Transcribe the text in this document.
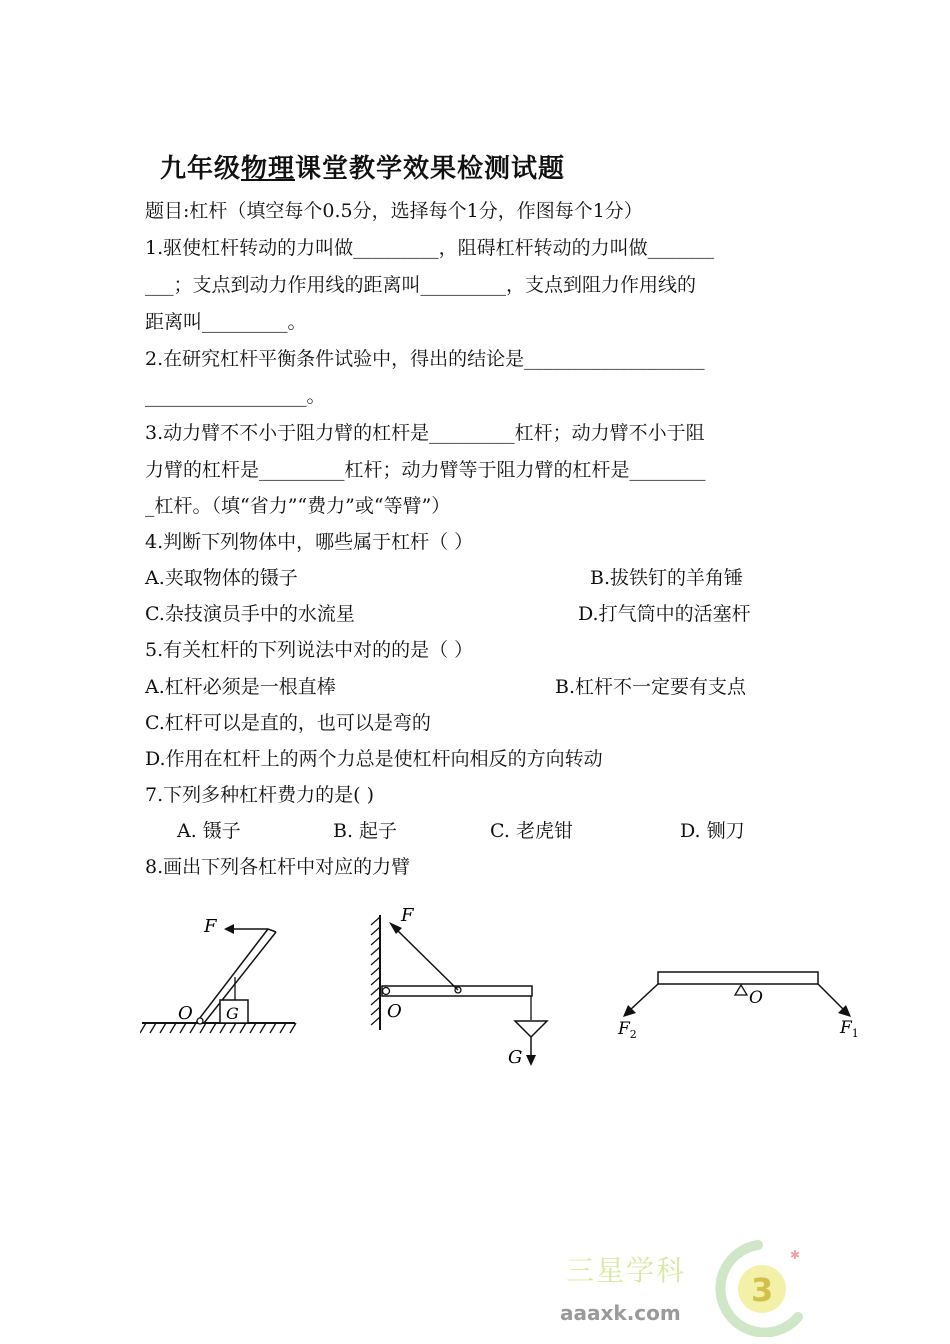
九年级物理课堂教学效果检测试题
题目:杠杆（填空每个0.5分，选择每个1分，作图每个1分）
1.驱使杠杆转动的力叫做_________，阻碍杠杆转动的力叫做_______
___；支点到动力作用线的距离叫_________，支点到阻力作用线的
距离叫_________。
2.在研究杠杆平衡条件试验中，得出的结论是___________________
_________________。
3.动力臂不不小于阻力臂的杠杆是_________杠杆；动力臂不小于阻
力臂的杠杆是_________杠杆；动力臂等于阻力臂的杠杆是________
_杠杆。（填“省力”“费力”或“等臂”）
4.判断下列物体中，哪些属于杠杆（ ）
A.夹取物体的镊子	B.拔铁钉的羊角锤
C.杂技演员手中的水流星	D.打气筒中的活塞杆
5.有关杠杆的下列说法中对的的是（ ）
A.杠杆必须是一根直棒	B.杠杆不一定要有支点
C.杠杆可以是直的，也可以是弯的
D.作用在杠杆上的两个力总是使杠杆向相反的方向转动
7.下列多种杠杆费力的是( )
A. 镊子	B. 起子	C. 老虎钳	D. 铡刀
8.画出下列各杠杆中对应的力臂
F
O G
F
O
G
O
$F_2$	$F_1$
三星学科
aaaxk.com
3
✱
